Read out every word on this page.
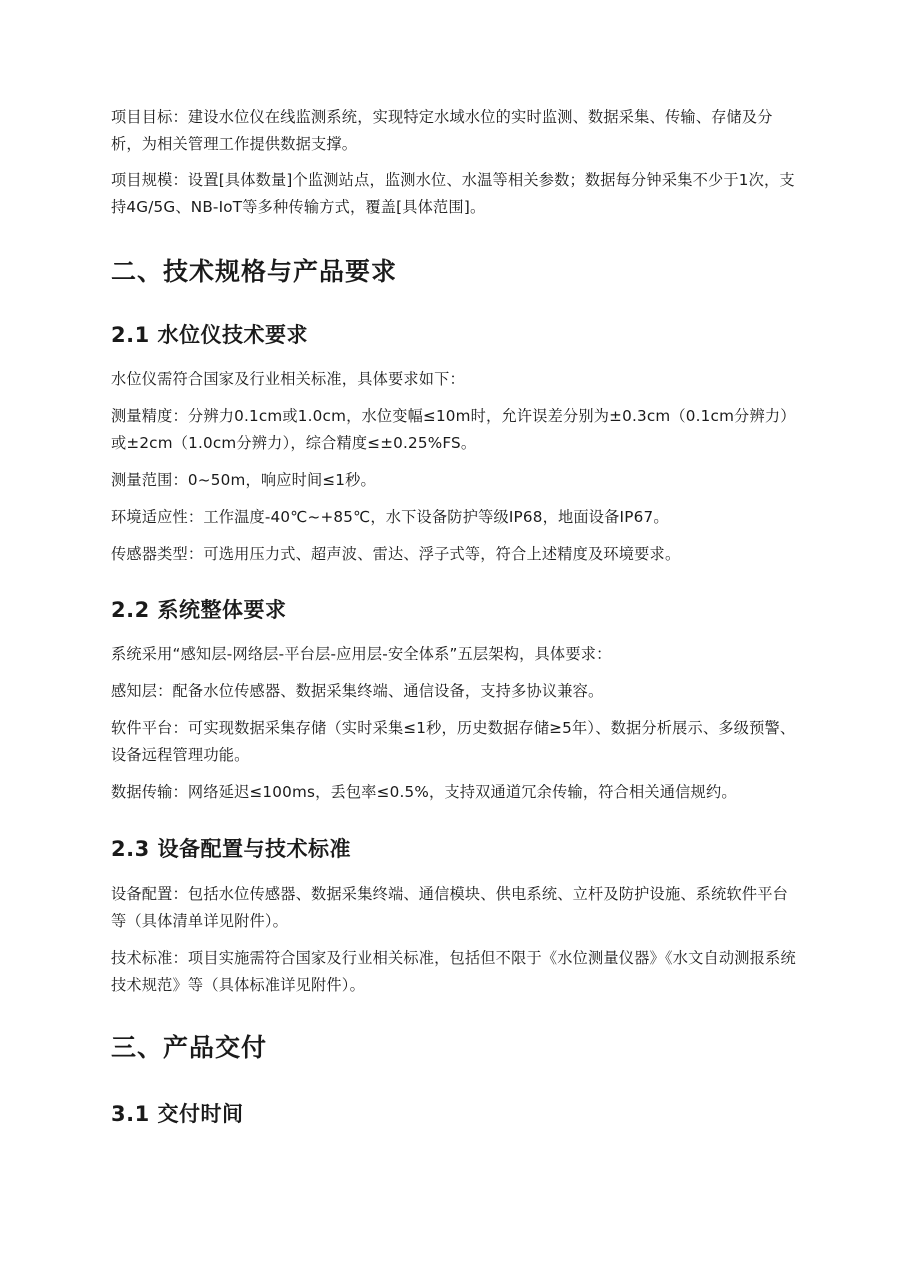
项目目标：建设水位仪在线监测系统，实现特定水域水位的实时监测、数据采集、传输、存储及分析，为相关管理工作提供数据支撑。

项目规模：设置[具体数量]个监测站点，监测水位、水温等相关参数；数据每分钟采集不少于1次，支持4G/5G、NB-IoT等多种传输方式，覆盖[具体范围]。

二、技术规格与产品要求
2.1 水位仪技术要求

水位仪需符合国家及行业相关标准，具体要求如下：

测量精度：分辨力0.1cm或1.0cm，水位变幅≤10m时，允许误差分别为±0.3cm（0.1cm分辨力）或±2cm（1.0cm分辨力），综合精度≤±0.25%FS。

测量范围：0~50m，响应时间≤1秒。

环境适应性：工作温度-40℃~+85℃，水下设备防护等级IP68，地面设备IP67。

传感器类型：可选用压力式、超声波、雷达、浮子式等，符合上述精度及环境要求。

2.2 系统整体要求

系统采用“感知层-网络层-平台层-应用层-安全体系”五层架构，具体要求：

感知层：配备水位传感器、数据采集终端、通信设备，支持多协议兼容。

软件平台：可实现数据采集存储（实时采集≤1秒，历史数据存储≥5年）、数据分析展示、多级预警、设备远程管理功能。

数据传输：网络延迟≤100ms，丢包率≤0.5%，支持双通道冗余传输，符合相关通信规约。

2.3 设备配置与技术标准

设备配置：包括水位传感器、数据采集终端、通信模块、供电系统、立杆及防护设施、系统软件平台等（具体清单详见附件）。

技术标准：项目实施需符合国家及行业相关标准，包括但不限于《水位测量仪器》《水文自动测报系统技术规范》等（具体标准详见附件）。

三、产品交付
3.1 交付时间
